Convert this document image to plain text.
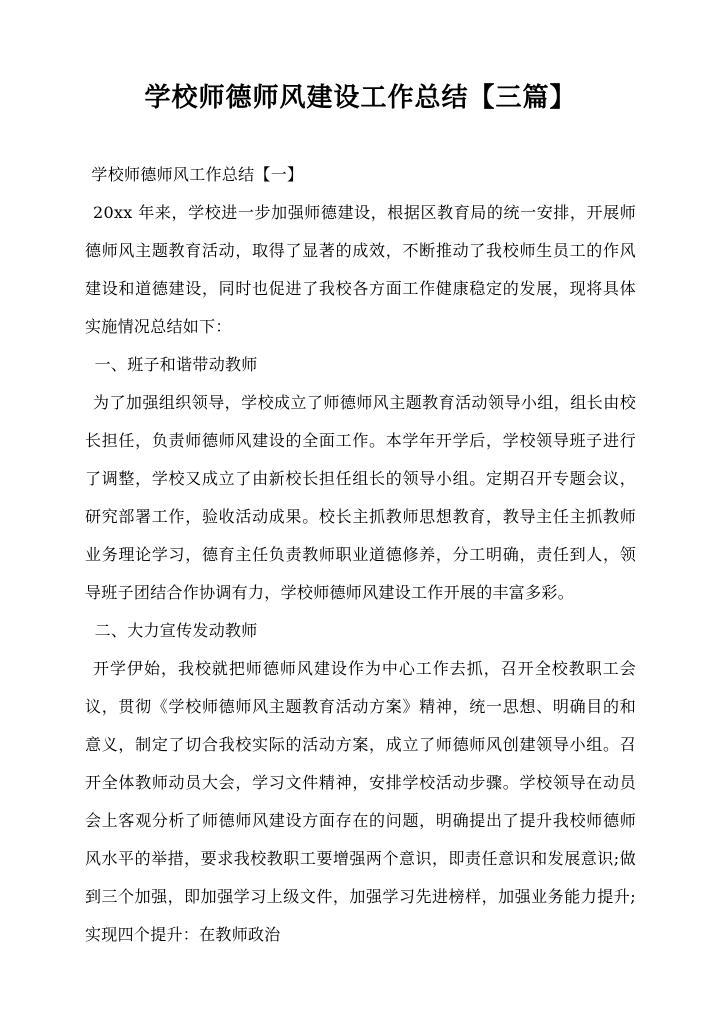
学校师德师风建设工作总结【三篇】

学校师德师风工作总结【一】

20xx 年来，学校进一步加强师德建设，根据区教育局的统一安排，开展师德师风主题教育活动，取得了显著的成效，不断推动了我校师生员工的作风建设和道德建设，同时也促进了我校各方面工作健康稳定的发展，现将具体实施情况总结如下：

一、班子和谐带动教师

为了加强组织领导，学校成立了师德师风主题教育活动领导小组，组长由校长担任，负责师德师风建设的全面工作。本学年开学后，学校领导班子进行了调整，学校又成立了由新校长担任组长的领导小组。定期召开专题会议，研究部署工作，验收活动成果。校长主抓教师思想教育，教导主任主抓教师业务理论学习，德育主任负责教师职业道德修养，分工明确，责任到人，领导班子团结合作协调有力，学校师德师风建设工作开展的丰富多彩。

二、大力宣传发动教师

开学伊始，我校就把师德师风建设作为中心工作去抓，召开全校教职工会议，贯彻《学校师德师风主题教育活动方案》精神，统一思想、明确目的和意义，制定了切合我校实际的活动方案，成立了师德师风创建领导小组。召开全体教师动员大会，学习文件精神，安排学校活动步骤。学校领导在动员会上客观分析了师德师风建设方面存在的问题，明确提出了提升我校师德师风水平的举措，要求我校教职工要增强两个意识，即责任意识和发展意识;做到三个加强，即加强学习上级文件，加强学习先进榜样，加强业务能力提升;实现四个提升：在教师政治
